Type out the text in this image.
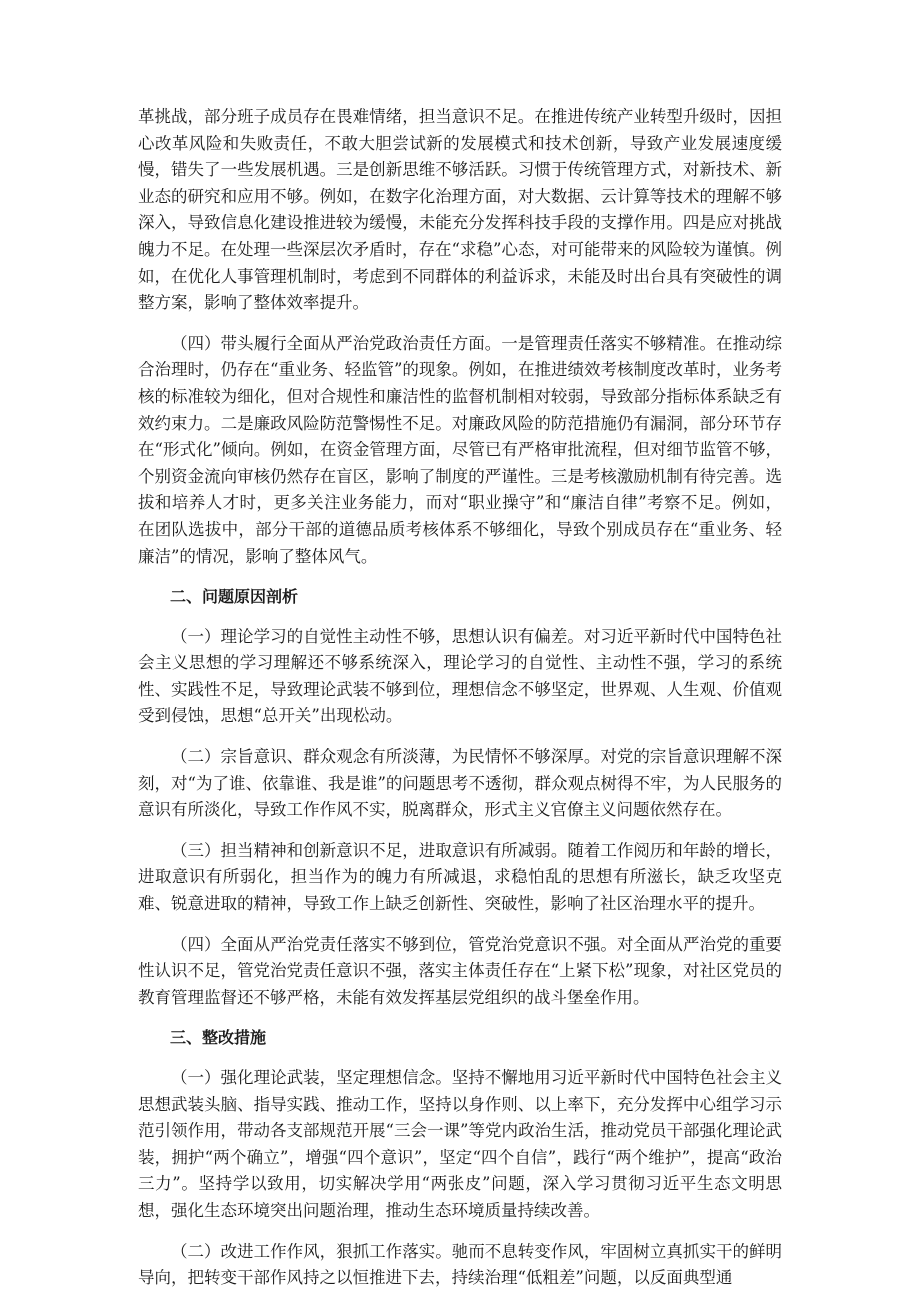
革挑战，部分班子成员存在畏难情绪，担当意识不足。在推进传统产业转型升级时，因担心改革风险和失败责任，不敢大胆尝试新的发展模式和技术创新，导致产业发展速度缓慢，错失了一些发展机遇。三是创新思维不够活跃。习惯于传统管理方式，对新技术、新业态的研究和应用不够。例如，在数字化治理方面，对大数据、云计算等技术的理解不够深入，导致信息化建设推进较为缓慢，未能充分发挥科技手段的支撑作用。四是应对挑战魄力不足。在处理一些深层次矛盾时，存在“求稳”心态，对可能带来的风险较为谨慎。例如，在优化人事管理机制时，考虑到不同群体的利益诉求，未能及时出台具有突破性的调整方案，影响了整体效率提升。

（四）带头履行全面从严治党政治责任方面。一是管理责任落实不够精准。在推动综合治理时，仍存在“重业务、轻监管”的现象。例如，在推进绩效考核制度改革时，业务考核的标准较为细化，但对合规性和廉洁性的监督机制相对较弱，导致部分指标体系缺乏有效约束力。二是廉政风险防范警惕性不足。对廉政风险的防范措施仍有漏洞，部分环节存在“形式化”倾向。例如，在资金管理方面，尽管已有严格审批流程，但对细节监管不够，个别资金流向审核仍然存在盲区，影响了制度的严谨性。三是考核激励机制有待完善。选拔和培养人才时，更多关注业务能力，而对“职业操守”和“廉洁自律”考察不足。例如，在团队选拔中，部分干部的道德品质考核体系不够细化，导致个别成员存在“重业务、轻廉洁”的情况，影响了整体风气。

二、问题原因剖析

（一）理论学习的自觉性主动性不够，思想认识有偏差。对习近平新时代中国特色社会主义思想的学习理解还不够系统深入，理论学习的自觉性、主动性不强，学习的系统性、实践性不足，导致理论武装不够到位，理想信念不够坚定，世界观、人生观、价值观受到侵蚀，思想“总开关”出现松动。

（二）宗旨意识、群众观念有所淡薄，为民情怀不够深厚。对党的宗旨意识理解不深刻，对“为了谁、依靠谁、我是谁”的问题思考不透彻，群众观点树得不牢，为人民服务的意识有所淡化，导致工作作风不实，脱离群众，形式主义官僚主义问题依然存在。

（三）担当精神和创新意识不足，进取意识有所减弱。随着工作阅历和年龄的增长，进取意识有所弱化，担当作为的魄力有所减退，求稳怕乱的思想有所滋长，缺乏攻坚克难、锐意进取的精神，导致工作上缺乏创新性、突破性，影响了社区治理水平的提升。

（四）全面从严治党责任落实不够到位，管党治党意识不强。对全面从严治党的重要性认识不足，管党治党责任意识不强，落实主体责任存在“上紧下松”现象，对社区党员的教育管理监督还不够严格，未能有效发挥基层党组织的战斗堡垒作用。

三、整改措施

（一）强化理论武装，坚定理想信念。坚持不懈地用习近平新时代中国特色社会主义思想武装头脑、指导实践、推动工作，坚持以身作则、以上率下，充分发挥中心组学习示范引领作用，带动各支部规范开展“三会一课”等党内政治生活，推动党员干部强化理论武装，拥护“两个确立”，增强“四个意识”，坚定“四个自信”，践行“两个维护”，提高“政治三力”。坚持学以致用，切实解决学用“两张皮”问题，深入学习贯彻习近平生态文明思想，强化生态环境突出问题治理，推动生态环境质量持续改善。

（二）改进工作作风，狠抓工作落实。驰而不息转变作风，牢固树立真抓实干的鲜明导向，把转变干部作风持之以恒推进下去，持续治理“低粗差”问题，以反面典型通
